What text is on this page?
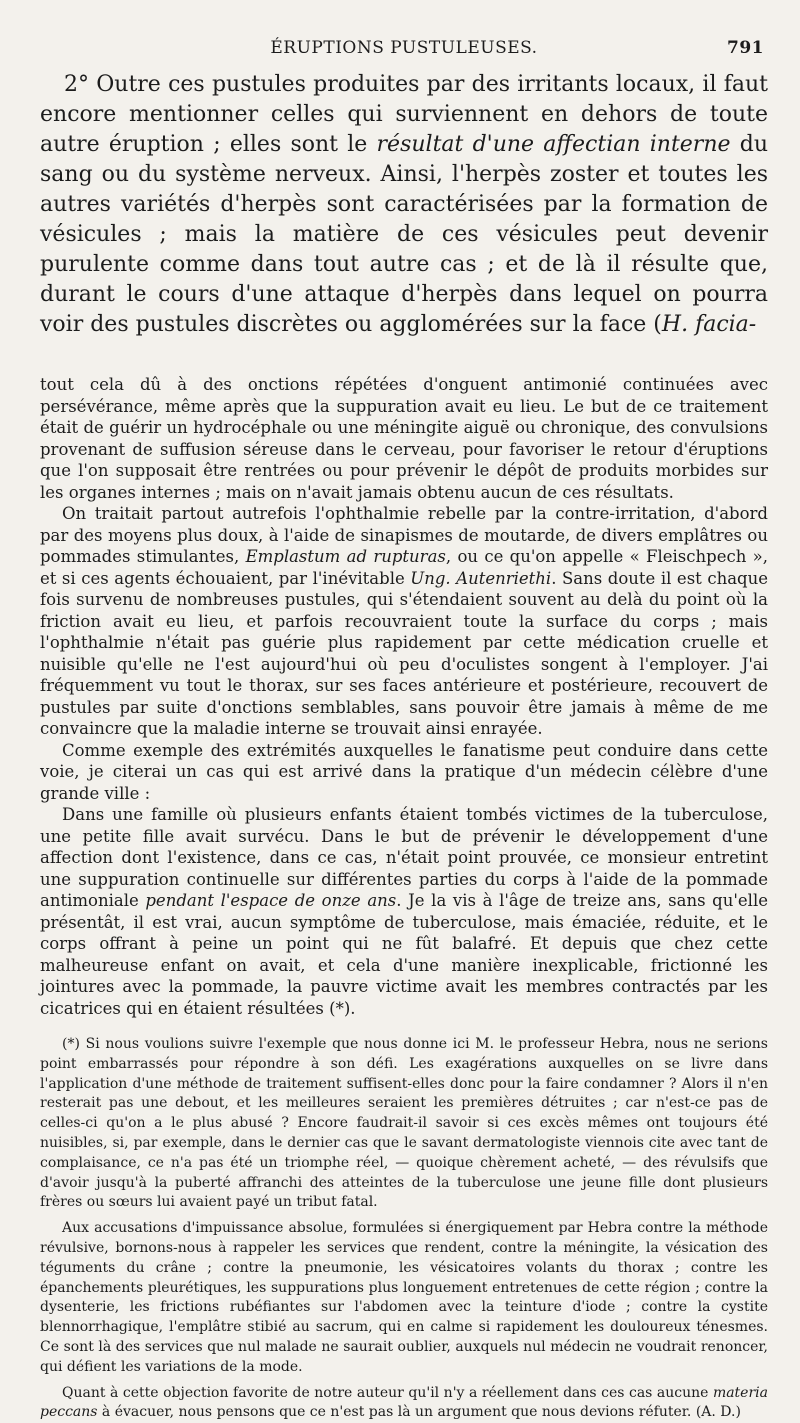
ÉRUPTIONS PUSTULEUSES.	791

2° Outre ces pustules produites par des irritants locaux, il faut encore mentionner celles qui surviennent en dehors de toute autre éruption ; elles sont le résultat d'une affectian interne du sang ou du système nerveux. Ainsi, l'herpès zoster et toutes les autres variétés d'herpès sont caractérisées par la formation de vésicules ; mais la matière de ces vésicules peut devenir purulente comme dans tout autre cas ; et de là il résulte que, durant le cours d'une attaque d'herpès dans lequel on pourra voir des pustules discrètes ou agglomérées sur la face (H. facia-

tout cela dû à des onctions répétées d'onguent antimonié continuées avec persévérance, même après que la suppuration avait eu lieu. Le but de ce traitement était de guérir un hydrocéphale ou une méningite aiguë ou chronique, des convulsions provenant de suffusion séreuse dans le cerveau, pour favoriser le retour d'éruptions que l'on supposait être rentrées ou pour prévenir le dépôt de produits morbides sur les organes internes ; mais on n'avait jamais obtenu aucun de ces résultats.

On traitait partout autrefois l'ophthalmie rebelle par la contre-irritation, d'abord par des moyens plus doux, à l'aide de sinapismes de moutarde, de divers emplâtres ou pommades stimulantes, Emplastum ad rupturas, ou ce qu'on appelle « Fleischpech », et si ces agents échouaient, par l'inévitable Ung. Autenriethi. Sans doute il est chaque fois survenu de nombreuses pustules, qui s'étendaient souvent au delà du point où la friction avait eu lieu, et parfois recouvraient toute la surface du corps ; mais l'ophthalmie n'était pas guérie plus rapidement par cette médication cruelle et nuisible qu'elle ne l'est aujourd'hui où peu d'oculistes songent à l'employer. J'ai fréquemment vu tout le thorax, sur ses faces antérieure et postérieure, recouvert de pustules par suite d'onctions semblables, sans pouvoir être jamais à même de me convaincre que la maladie interne se trouvait ainsi enrayée.

Comme exemple des extrémités auxquelles le fanatisme peut conduire dans cette voie, je citerai un cas qui est arrivé dans la pratique d'un médecin célèbre d'une grande ville :

Dans une famille où plusieurs enfants étaient tombés victimes de la tuberculose, une petite fille avait survécu. Dans le but de prévenir le développement d'une affection dont l'existence, dans ce cas, n'était point prouvée, ce monsieur entretint une suppuration continuelle sur différentes parties du corps à l'aide de la pommade antimoniale pendant l'espace de onze ans. Je la vis à l'âge de treize ans, sans qu'elle présentât, il est vrai, aucun symptôme de tuberculose, mais émaciée, réduite, et le corps offrant à peine un point qui ne fût balafré. Et depuis que chez cette malheureuse enfant on avait, et cela d'une manière inexplicable, frictionné les jointures avec la pommade, la pauvre victime avait les membres contractés par les cicatrices qui en étaient résultées (*).

(*) Si nous voulions suivre l'exemple que nous donne ici M. le professeur Hebra, nous ne serions point embarrassés pour répondre à son défi. Les exagérations auxquelles on se livre dans l'application d'une méthode de traitement suffisent-elles donc pour la faire condamner ? Alors il n'en resterait pas une debout, et les meilleures seraient les premières détruites ; car n'est-ce pas de celles-ci qu'on a le plus abusé ? Encore faudrait-il savoir si ces excès mêmes ont toujours été nuisibles, si, par exemple, dans le dernier cas que le savant dermatologiste viennois cite avec tant de complaisance, ce n'a pas été un triomphe réel, — quoique chèrement acheté, — des révulsifs que d'avoir jusqu'à la puberté affranchi des atteintes de la tuberculose une jeune fille dont plusieurs frères ou sœurs lui avaient payé un tribut fatal.

Aux accusations d'impuissance absolue, formulées si énergiquement par Hebra contre la méthode révulsive, bornons-nous à rappeler les services que rendent, contre la méningite, la vésication des téguments du crâne ; contre la pneumonie, les vésicatoires volants du thorax ; contre les épanchements pleurétiques, les suppurations plus longuement entretenues de cette région ; contre la dysenterie, les frictions rubéfiantes sur l'abdomen avec la teinture d'iode ; contre la cystite blennorrhagique, l'emplâtre stibié au sacrum, qui en calme si rapidement les douloureux ténesmes. Ce sont là des services que nul malade ne saurait oublier, auxquels nul médecin ne voudrait renoncer, qui défient les variations de la mode.

Quant à cette objection favorite de notre auteur qu'il n'y a réellement dans ces cas aucune materia peccans à évacuer, nous pensons que ce n'est pas là un argument que nous devions réfuter. (A. D.)
